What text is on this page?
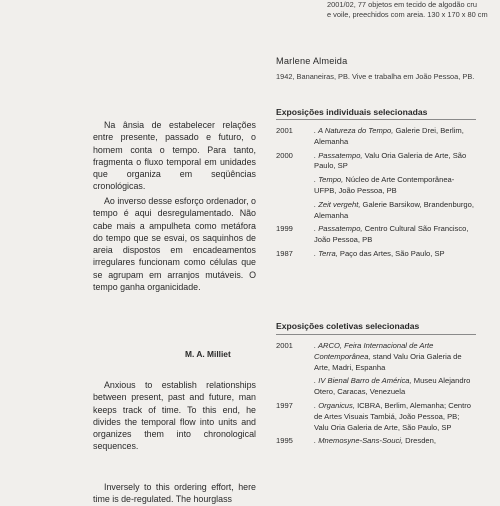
2001/02, 77 objetos em tecido de algodão cru
e voile, preechidos com areia. 130 x 170 x 80 cm
Marlene Almeida
1942, Bananeiras, PB. Vive e trabalha em João Pessoa, PB.
Exposições individuais selecionadas
2001	. A Natureza do Tempo, Galerie Drei, Berlim, Alemanha
2000	. Passatempo, Valu Oria Galeria de Arte, São Paulo, SP
. Tempo, Núcleo de Arte Contemporânea-UFPB, João Pessoa, PB
. Zeit vergeht, Galerie Barsikow, Brandenburgo, Alemanha
1999	. Passatempo, Centro Cultural São Francisco, João Pessoa, PB
1987	. Terra, Paço das Artes, São Paulo, SP
Exposições coletivas selecionadas
2001	. ARCO, Feira Internacional de Arte Contemporânea, stand Valu Oria Galeria de Arte, Madri, Espanha
. IV Bienal Barro de América, Museu Alejandro Otero, Caracas, Venezuela
1997	. Organicus, ICBRA, Berlim, Alemanha; Centro de Artes Visuais Tambiá, João Pessoa, PB; Valu Oria Galeria de Arte, São Paulo, SP
1995	. Mnemosyne-Sans-Souci, Dresden,
Na ânsia de estabelecer relações entre presente, passado e futuro, o homem conta o tempo. Para tanto, fragmenta o fluxo temporal em unidades que organiza em seqüências cronológicas.
Ao inverso desse esforço ordenador, o tempo é aqui desregulamentado. Não cabe mais a ampulheta como metáfora do tempo que se esvai, os saquinhos de areia dispostos em encadeamentos irregulares funcionam como células que se agrupam em arranjos mutáveis. O tempo ganha organicidade.
M. A. Milliet
Anxious to establish relationships between present, past and future, man keeps track of time. To this end, he divides the temporal flow into units and organizes them into chronological sequences.
Inversely to this ordering effort, here time is de-regulated. The hourglass
